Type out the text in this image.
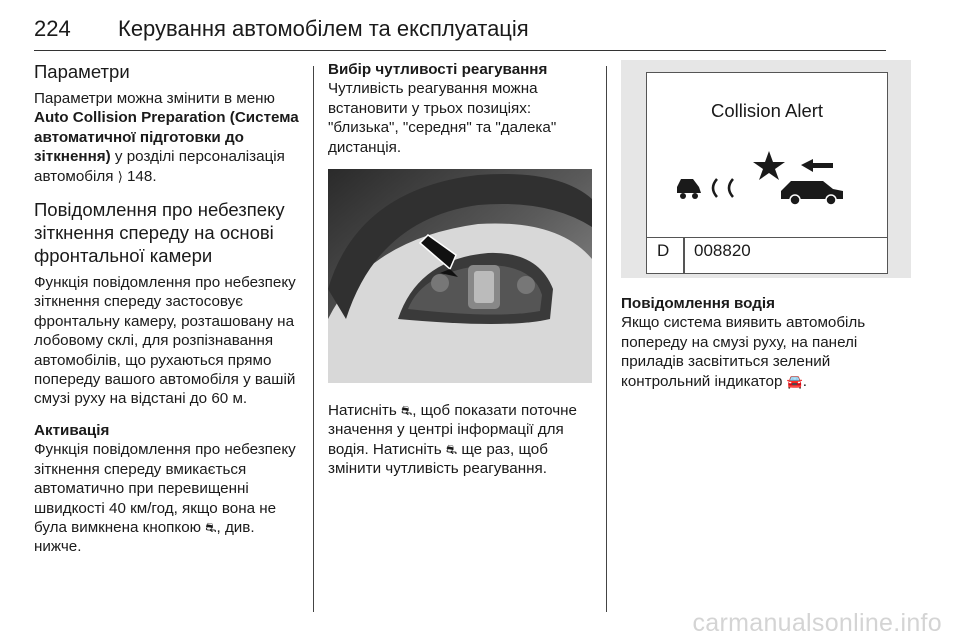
224 Керування автомобілем та експлуатація
Параметри

Параметри можна змінити в меню Auto Collision Preparation (Система автоматичної підготовки до зіткнення) у розділі персоналізація автомобіля ⟩ 148.

Повідомлення про небезпеку зіткнення спереду на основі фронтальної камери

Функція повідомлення про небезпеку зіткнення спереду застосовує фронтальну камеру, розташовану на лобовому склі, для розпізнавання автомобілів, що рухаються прямо попереду вашого автомобіля у вашій смузі руху на відстані до 60 м.

Активація

Функція повідомлення про небезпеку зіткнення спереду вмикається автоматично при перевищенні швидкості 40 км/год, якщо вона не була вимкнена кнопкою ⛐, див. нижче.

Вибір чутливості реагування

Чутливість реагування можна встановити у трьох позиціях: "близька", "середня" та "далека" дистанція.

Натисніть ⛐, щоб показати поточне значення у центрі інформації для водія. Натисніть ⛐ ще раз, щоб змінити чутливість реагування.

Collision Alert
D 008820
Повідомлення водія

Якщо система виявить автомобіль попереду на смузі руху, на панелі приладів засвітиться зелений контрольний індикатор 🚘.

carmanualsonline.info
